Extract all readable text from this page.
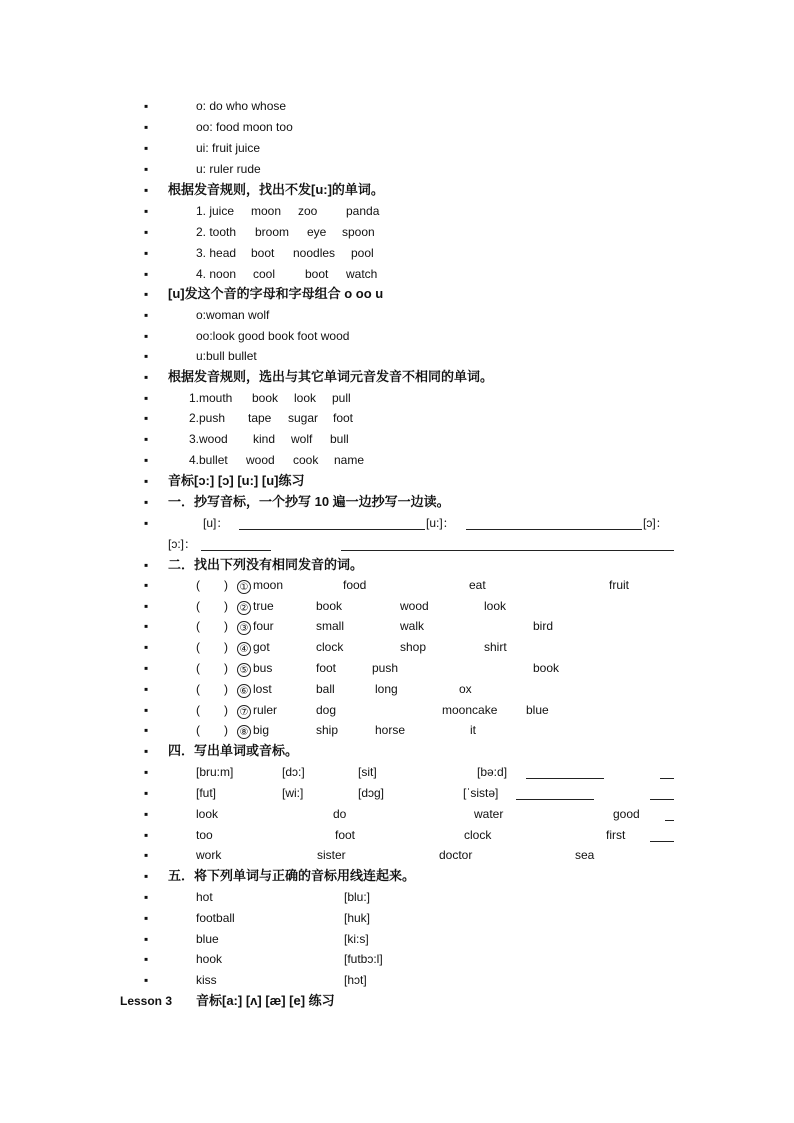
▪	o: do who whose
▪	oo: food moon too
▪	ui: fruit juice
▪	u: ruler rude
▪ 根据发音规则，找出不发[u:]的单词。
▪	1. juice moon zoo panda
▪	2. tooth broom eye spoon
▪	3. head boot noodles pool
▪	4. noon cool boot watch
▪ [u]发这个音的字母和字母组合 o oo u
▪	o:woman wolf
▪	oo:look good book foot wood
▪	u:bull bullet
▪ 根据发音规则，选出与其它单词元音发音不相同的单词。
▪	1.mouth book look pull
▪	2.push tape sugar foot
▪	3.wood kind wolf bull
▪	4.bullet wood cook name
▪ 音标[ɔ:] [ɔ] [u:] [u]练习
▪ 一．抄写音标，一个抄写 10 遍一边抄写一边读。
▪	[u]：	[u:]：	[ɔ]：
[ɔ:]：
▪ 二．找出下列没有相同发音的词。
▪	(　　) ① moon	food	eat	fruit
▪	(　　) ② true	book	wood	look
▪	(　　) ③ four	small	walk	bird
▪	(　　) ④ got	clock	shop	shirt
▪	(　　) ⑤ bus	foot	push	book
▪	(　　) ⑥ lost	ball	long	ox
▪	(　　) ⑦ ruler	dog	mooncake blue
▪	(　　) ⑧ big	ship	horse	it
▪ 四．写出单词或音标。
▪	[bru:m]	[dɔ:]	[sit]	[bə:d]
▪	[fut]	[wi:]	[dɔg]	[ˈsistə]
▪	look	do	water	good
▪	too	foot	clock	first
▪	work	sister	doctor	sea
▪ 五．将下列单词与正确的音标用线连起来。
▪	hot	[blu:]
▪	football	[huk]
▪	blue	[ki:s]
▪	hook	[futbɔ:l]
▪	kiss	[hɔt]
Lesson 3 音标[a:] [ʌ] [æ] [e] 练习
